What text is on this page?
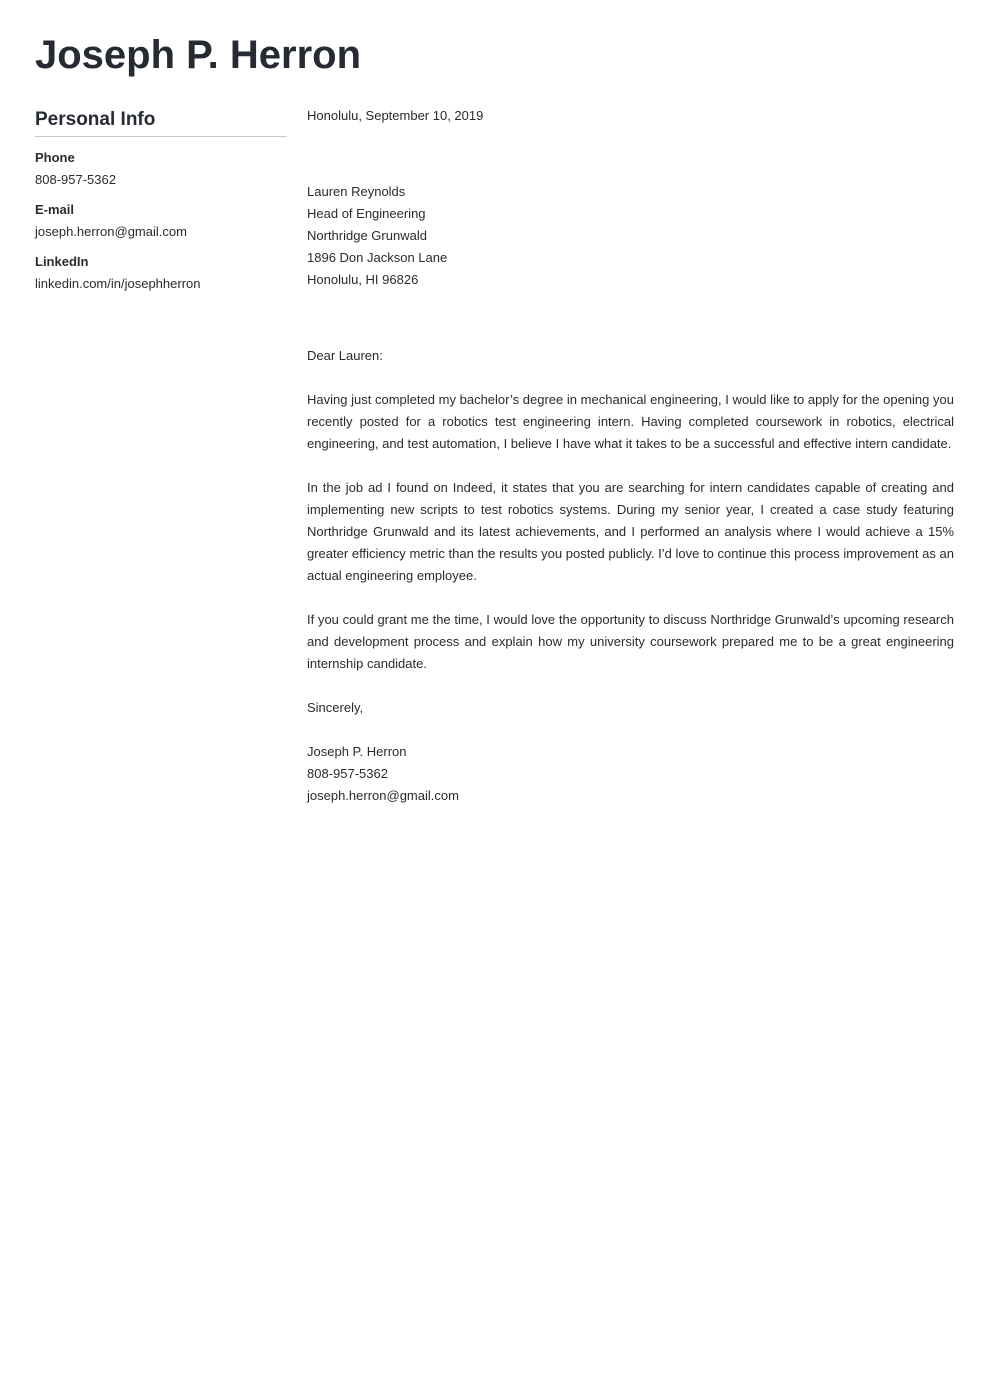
Joseph P. Herron
Personal Info
Phone
808-957-5362
E-mail
joseph.herron@gmail.com
LinkedIn
linkedin.com/in/josephherron
Honolulu, September 10, 2019
Lauren Reynolds
Head of Engineering
Northridge Grunwald
1896 Don Jackson Lane
Honolulu, HI 96826
Dear Lauren:

Having just completed my bachelor’s degree in mechanical engineering, I would like to apply for the opening you recently posted for a robotics test engineering intern. Having completed coursework in robotics, electrical engineering, and test automation, I believe I have what it takes to be a successful and effective intern candidate.

In the job ad I found on Indeed, it states that you are searching for intern candidates capable of creating and implementing new scripts to test robotics systems. During my senior year, I created a case study featuring Northridge Grunwald and its latest achievements, and I performed an analysis where I would achieve a 15% greater efficiency metric than the results you posted publicly. I’d love to continue this process improvement as an actual engineering employee.

If you could grant me the time, I would love the opportunity to discuss Northridge Grunwald’s upcoming research and development process and explain how my university coursework prepared me to be a great engineering internship candidate.

Sincerely,
Joseph P. Herron
808-957-5362
joseph.herron@gmail.com
